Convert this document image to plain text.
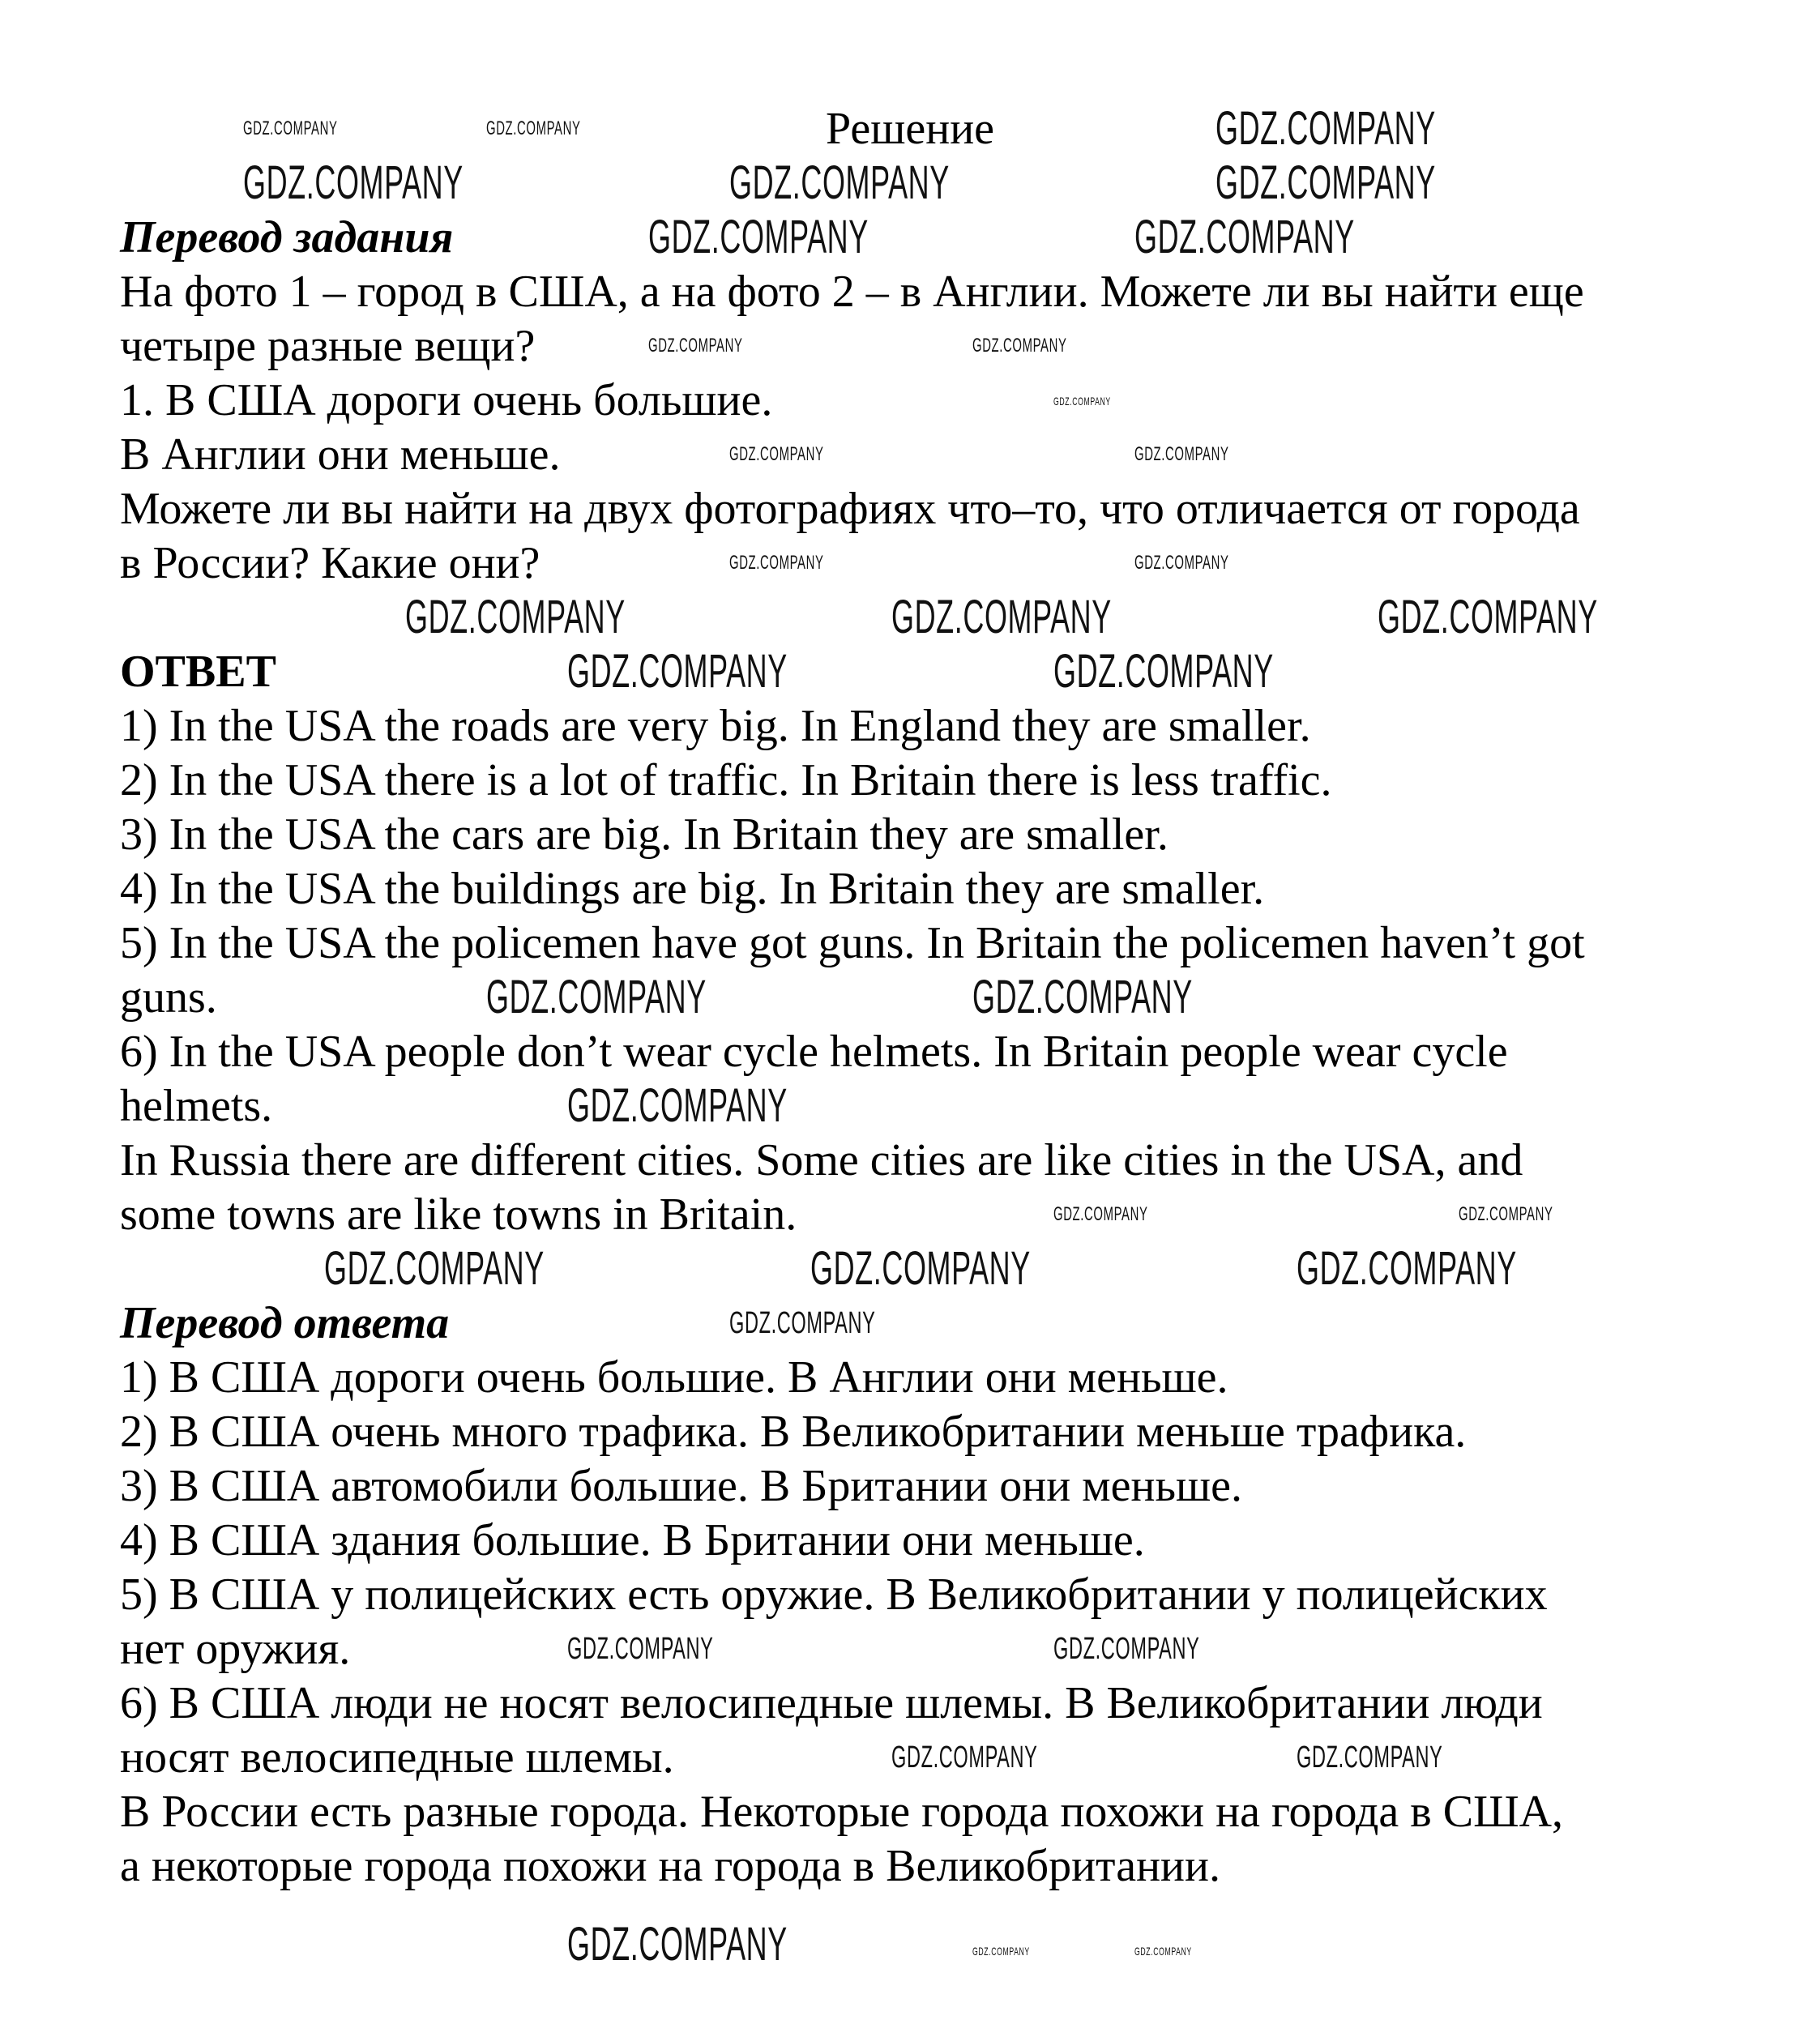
Решение
Перевод задания
На фото 1 – город в США, а на фото 2 – в Англии. Можете ли вы найти еще
четыре разные вещи?
1. В США дороги очень большие.
В Англии они меньше.
Можете ли вы найти на двух фотографиях что–то, что отличается от города
в России? Какие они?
ОТВЕТ
1) In the USA the roads are very big. In England they are smaller.
2) In the USA there is a lot of traffic. In Britain there is less traffic.
3) In the USA the cars are big. In Britain they are smaller.
4) In the USA the buildings are big. In Britain they are smaller.
5) In the USA the policemen have got guns. In Britain the policemen haven’t got
guns.
6) In the USA people don’t wear cycle helmets. In Britain people wear cycle
helmets.
In Russia there are different cities. Some cities are like cities in the USA, and
some towns are like towns in Britain.
Перевод ответа
1) В США дороги очень большие. В Англии они меньше.
2) В США очень много трафика. В Великобритании меньше трафика.
3) В США автомобили большие. В Британии они меньше.
4) В США здания большие. В Британии они меньше.
5) В США у полицейских есть оружие. В Великобритании у полицейских
нет оружия.
6) В США люди не носят велосипедные шлемы. В Великобритании люди
носят велосипедные шлемы.
В России есть разные города. Некоторые города похожи на города в США,
а некоторые города похожи на города в Великобритании.
GDZ.COMPANY	GDZ.COMPANY	GDZ.COMPANY
GDZ.COMPANY	GDZ.COMPANY
GDZ.COMPANY
GDZ.COMPANY	GDZ.COMPANY	GDZ.COMPANY
GDZ.COMPANY	GDZ.COMPANY
GDZ.COMPANY	GDZ.COMPANY
GDZ.COMPANY
GDZ.COMPANY	GDZ.COMPANY	GDZ.COMPANY
GDZ.COMPANY
GDZ.COMPANY	GDZ.COMPANY
GDZ.COMPANY	GDZ.COMPANY
GDZ.COMPANY
GDZ.COMPANY	GDZ.COMPANY
GDZ.COMPANY	GDZ.COMPANY
GDZ.COMPANY	GDZ.COMPANY
GDZ.COMPANY	GDZ.COMPANY
GDZ.COMPANY	GDZ.COMPANY
GDZ.COMPANY	GDZ.COMPANY
GDZ.COMPANY
